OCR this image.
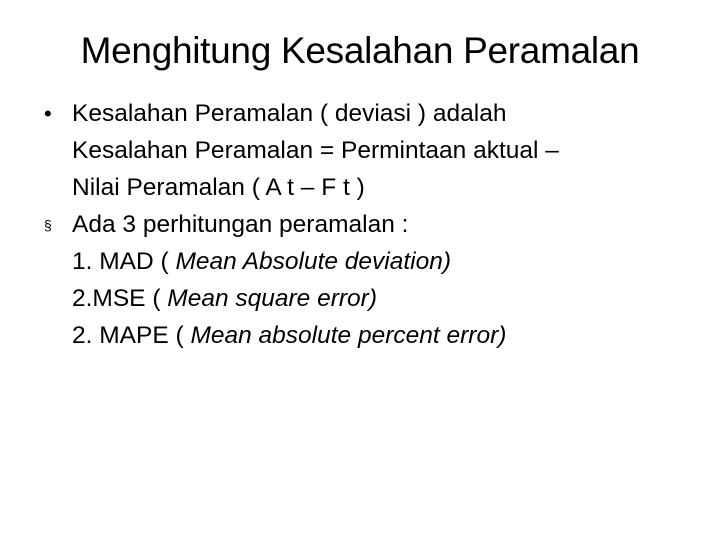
Menghitung Kesalahan Peramalan
• Kesalahan Peramalan ( deviasi ) adalah
Kesalahan Peramalan = Permintaan aktual –
Nilai Peramalan ( A t – F t )
§ Ada 3 perhitungan peramalan :
1. MAD ( Mean Absolute deviation)
2.MSE ( Mean square error)
2. MAPE ( Mean absolute percent error)
